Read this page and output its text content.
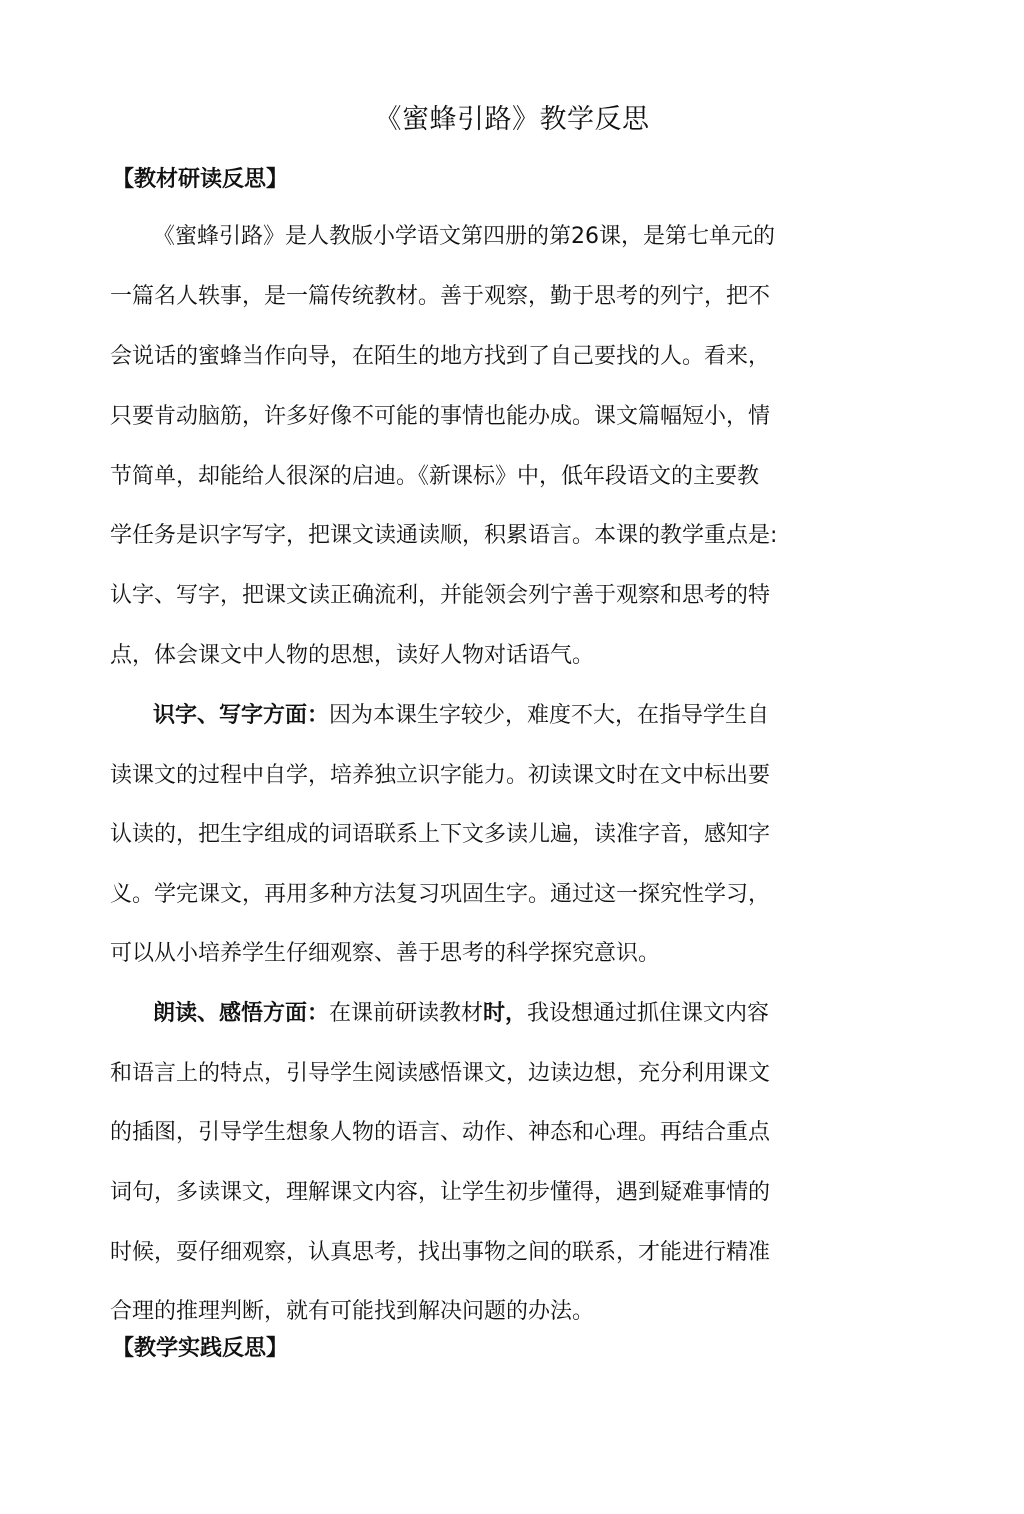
《蜜蜂引路》教学反思
【教材研读反思】
《蜜蜂引路》是人教版小学语文第四册的第26课，是第七单元的
一篇名人轶事，是一篇传统教材。善于观察，勤于思考的列宁，把不
会说话的蜜蜂当作向导，在陌生的地方找到了自己要找的人。看来，
只要肯动脑筋，许多好像不可能的事情也能办成。课文篇幅短小，情
节简单，却能给人很深的启迪。《新课标》中，低年段语文的主要教
学任务是识字写字，把课文读通读顺，积累语言。本课的教学重点是:
认字、写字，把课文读正确流利，并能领会列宁善于观察和思考的特
点，体会课文中人物的思想，读好人物对话语气。
识字、写字方面：因为本课生字较少，难度不大，在指导学生自
读课文的过程中自学，培养独立识字能力。初读课文时在文中标出要
认读的，把生字组成的词语联系上下文多读儿遍，读准字音，感知字
义。学完课文，再用多种方法复习巩固生字。通过这一探究性学习，
可以从小培养学生仔细观察、善于思考的科学探究意识。
朗读、感悟方面：在课前研读教材时，我设想通过抓住课文内容
和语言上的特点，引导学生阅读感悟课文，边读边想，充分利用课文
的插图，引导学生想象人物的语言、动作、神态和心理。再结合重点
词句，多读课文，理解课文内容，让学生初步懂得，遇到疑难事情的
时候，耍仔细观察，认真思考，找出事物之间的联系，才能进行精准
合理的推理判断，就有可能找到解决问题的办法。
【教学实践反思】
